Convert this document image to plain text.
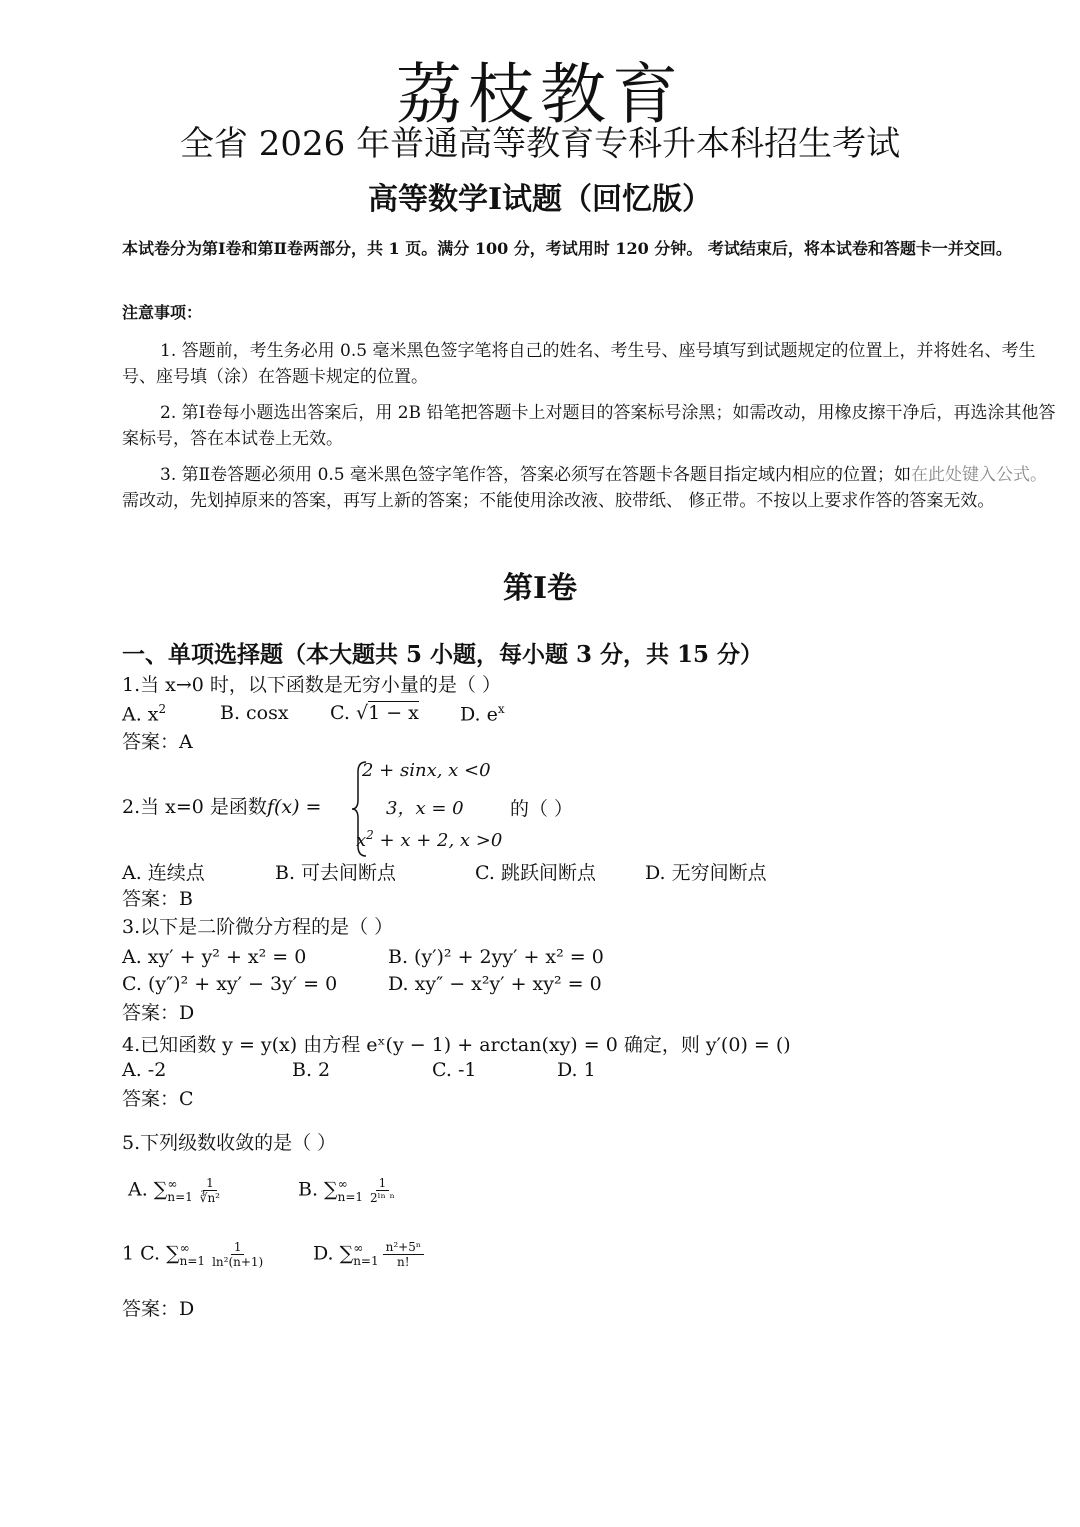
荔枝教育
全省 2026 年普通高等教育专科升本科招生考试
高等数学Ⅰ试题（回忆版）
本试卷分为第Ⅰ卷和第Ⅱ卷两部分，共 1 页。满分 100 分，考试用时 120 分钟。 考试结束后，将本试卷和答题卡一并交回。
注意事项：
1. 答题前，考生务必用 0.5 毫米黑色签字笔将自己的姓名、考生号、座号填写到试题规定的位置上，并将姓名、考生号、座号填（涂）在答题卡规定的位置。
2. 第Ⅰ卷每小题选出答案后，用 2B 铅笔把答题卡上对题目的答案标号涂黑；如需改动，用橡皮擦干净后，再选涂其他答案标号，答在本试卷上无效。
3. 第Ⅱ卷答题必须用 0.5 毫米黑色签字笔作答，答案必须写在答题卡各题目指定域内相应的位置；如在此处键入公式。需改动，先划掉原来的答案，再写上新的答案；不能使用涂改液、胶带纸、 修正带。不按以上要求作答的答案无效。
第Ⅰ卷
一、单项选择题（本大题共 5 小题，每小题 3 分，共 15 分）
1.当 x→0 时，以下函数是无穷小量的是（ ）
A. $x^2$	B. cosx C. √1 − x D. $e^x$
答案：A
2.当 x=0 是函数f(x) =
2 + sinx, x <0
3，x = 0
$x^2 + x + 2$, x >0
的（ ）
A. 连续点	B. 可去间断点	C. 跳跃间断点	D. 无穷间断点
答案：B
3.以下是二阶微分方程的是（ ）
A. xy′ + y² + x² = 0	B. (y′)² + 2yy′ + x² = 0
C. (y″)² + xy′ − 3y′ = 0	D. xy″ − x²y′ + xy² = 0
答案：D
4.已知函数 y = y(x) 由方程 eˣ(y − 1) + arctan(xy) = 0 确定，则 y′(0) = ()
A. -2	B. 2	C. -1	D. 1
答案：C
5.下列级数收敛的是（ ）
A. ∑ ∞
$n=1 \frac{1}{\text{∛n²}}$	B. ∑ ∞
$n=1 \frac{1}{\text{2ˡⁿ ⁿ}}$
1 C. ∑ ∞
$n=1 \frac{1}{\text{ln²(n+1)}} D$. ∑ ∞
$n=1 \frac{\text{n²+5ⁿ}}{n!}$
答案：D
